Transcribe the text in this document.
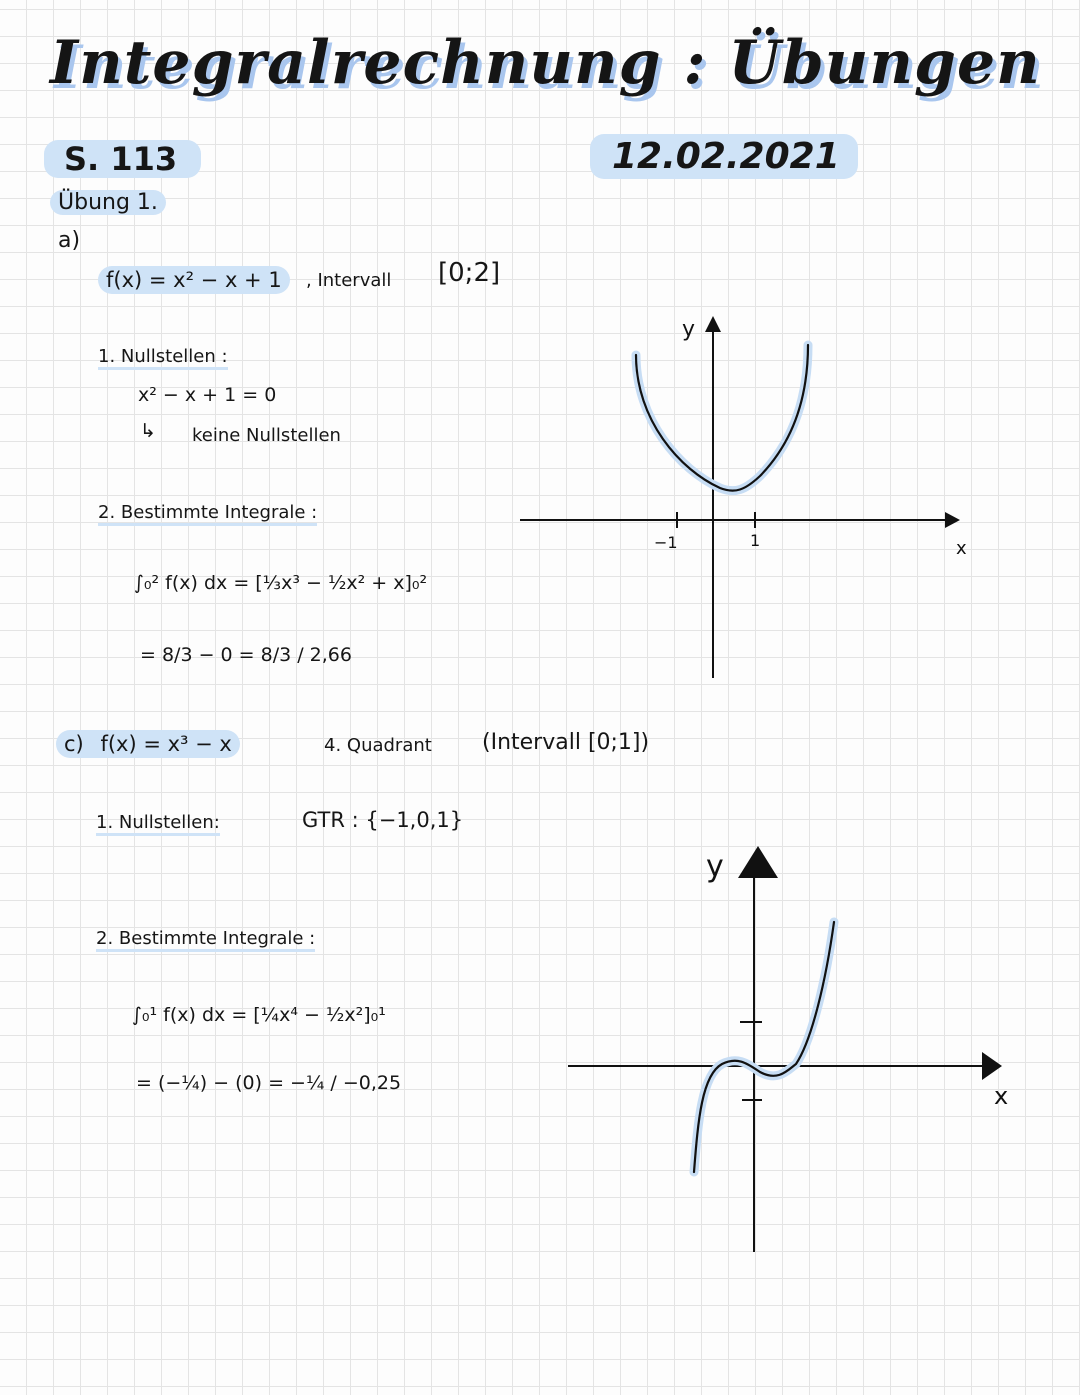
Integralrechnung : Übungen
S. 113	12.02.2021
Übung 1.
a)
f(x) = x² − x + 1	, Intervall [0;2]
1. Nullstellen :
x² − x + 1 = 0
↳ keine Nullstellen
2. Bestimmte Integrale :
∫₀² f(x) dx = [⅓x³ − ½x² + x]₀²
= 8/3 − 0 = 8/3 / 2,66
c) f(x) = x³ − x	4. Quadrant (Intervall [0;1])
1. Nullstellen:	GTR : {−1,0,1}
2. Bestimmte Integrale :
∫₀¹ f(x) dx = [¼x⁴ − ½x²]₀¹
= (−¼) − (0) = −¼ / −0,25
y
x
−1	1
y
x
